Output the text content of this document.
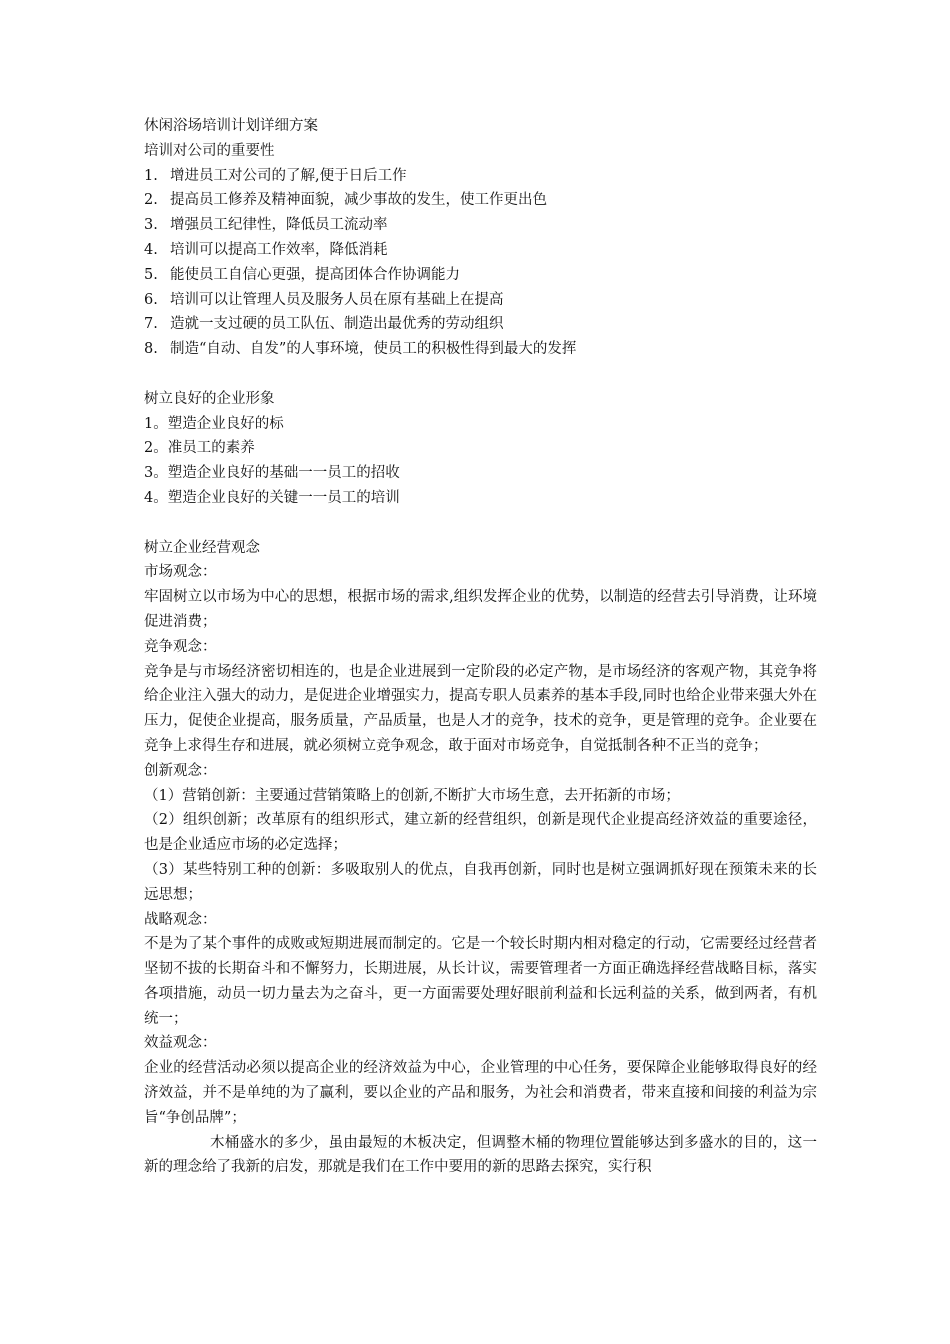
休闲浴场培训计划详细方案
培训对公司的重要性
1. 增进员工对公司的了解,便于日后工作
2. 提高员工修养及精神面貌，减少事故的发生，使工作更出色
3. 增强员工纪律性，降低员工流动率
4. 培训可以提高工作效率，降低消耗
5. 能使员工自信心更强，提高团体合作协调能力
6. 培训可以让管理人员及服务人员在原有基础上在提高
7. 造就一支过硬的员工队伍、制造出最优秀的劳动组织
8. 制造“自动、自发”的人事环境，使员工的积极性得到最大的发挥
树立良好的企业形象
1。塑造企业良好的标
2。准员工的素养
3。塑造企业良好的基础一一员工的招收
4。塑造企业良好的关键一一员工的培训
树立企业经营观念
市场观念：
牢固树立以市场为中心的思想，根据市场的需求,组织发挥企业的优势，以制造的经营去引导消费，让环境促进消费；
竞争观念：
竞争是与市场经济密切相连的，也是企业进展到一定阶段的必定产物，是市场经济的客观产物，其竞争将给企业注入强大的动力，是促进企业增强实力，提高专职人员素养的基本手段,同时也给企业带来强大外在压力，促使企业提高，服务质量，产品质量，也是人才的竞争，技术的竞争，更是管理的竞争。企业要在竞争上求得生存和进展，就必须树立竞争观念，敢于面对市场竞争，自觉抵制各种不正当的竞争；
创新观念：
（1）营销创新：主要通过营销策略上的创新,不断扩大市场生意，去开拓新的市场；
（2）组织创新；改革原有的组织形式，建立新的经营组织，创新是现代企业提高经济效益的重要途径，也是企业适应市场的必定选择；
（3）某些特别工种的创新：多吸取别人的优点，自我再创新，同时也是树立强调抓好现在预策未来的长远思想；
战略观念：
不是为了某个事件的成败或短期进展而制定的。它是一个较长时期内相对稳定的行动，它需要经过经营者坚韧不拔的长期奋斗和不懈努力，长期进展，从长计议，需要管理者一方面正确选择经营战略目标，落实各项措施，动员一切力量去为之奋斗，更一方面需要处理好眼前利益和长远利益的关系，做到两者，有机统一；
效益观念：
企业的经营活动必须以提高企业的经济效益为中心，企业管理的中心任务，要保障企业能够取得良好的经济效益，并不是单纯的为了赢利，要以企业的产品和服务，为社会和消费者，带来直接和间接的利益为宗旨“争创品牌”；
木桶盛水的多少，虽由最短的木板决定，但调整木桶的物理位置能够达到多盛水的目的，这一新的理念给了我新的启发，那就是我们在工作中要用的新的思路去探究，实行积
